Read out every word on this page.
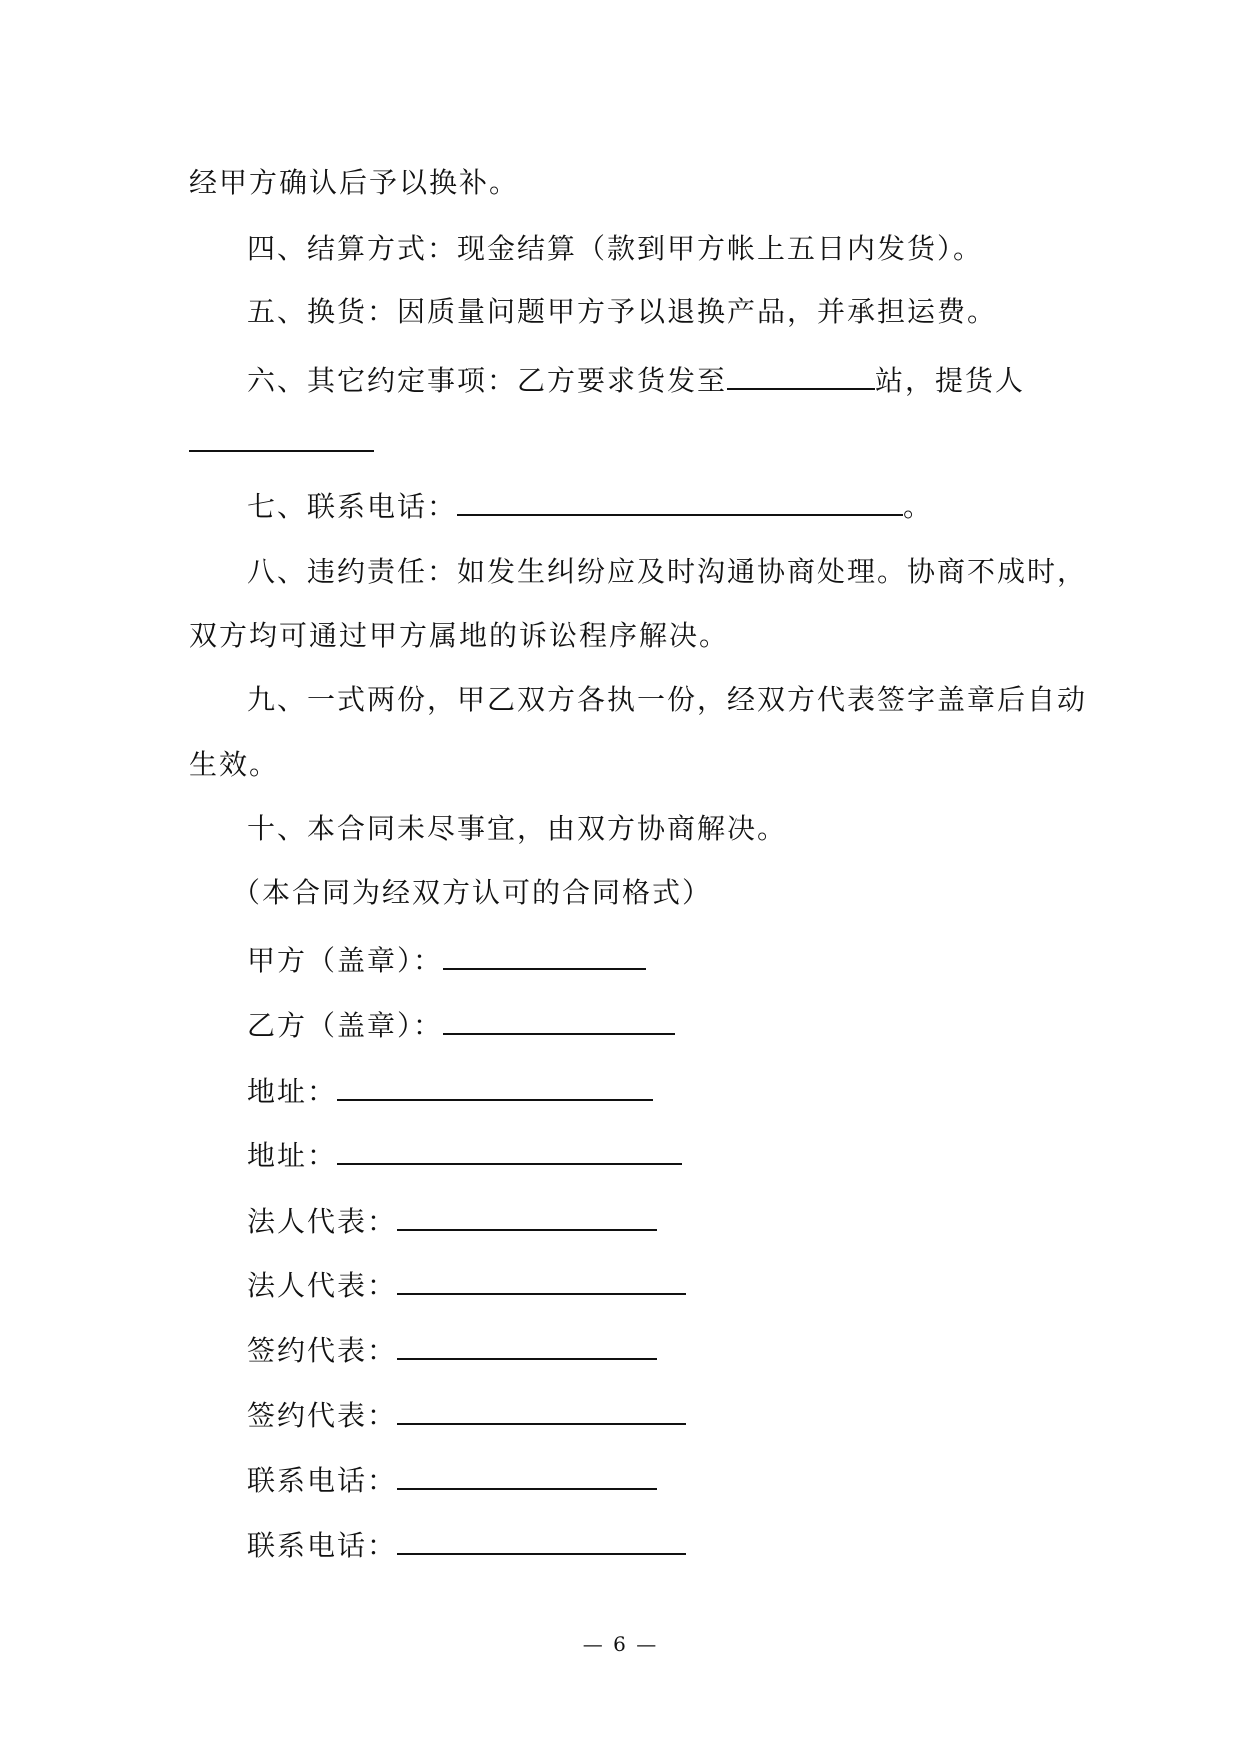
经甲方确认后予以换补。
四、结算方式：现金结算（款到甲方帐上五日内发货）。
五、换货：因质量问题甲方予以退换产品，并承担运费。
六、其它约定事项：乙方要求货发至	站，提货人
七、联系电话：	。
八、违约责任：如发生纠纷应及时沟通协商处理。协商不成时，
双方均可通过甲方属地的诉讼程序解决。
九、一式两份，甲乙双方各执一份，经双方代表签字盖章后自动
生效。
十、本合同未尽事宜，由双方协商解决。
（本合同为经双方认可的合同格式）
甲方（盖章）：
乙方（盖章）：
地址：
地址：
法人代表：
法人代表：
签约代表：
签约代表：
联系电话：
联系电话：
— 6 —
